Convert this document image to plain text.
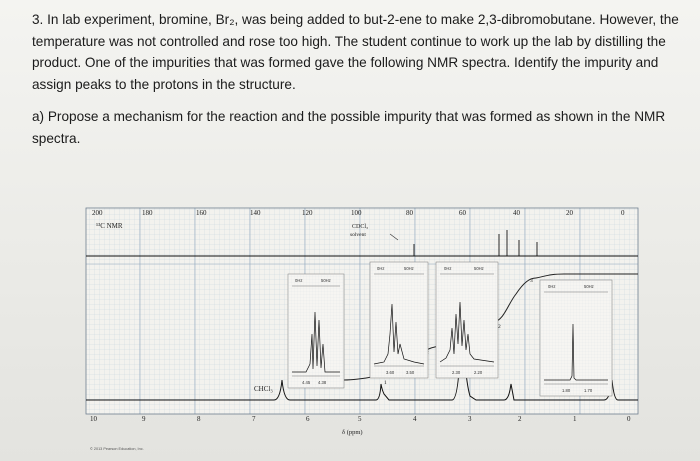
3. In lab experiment, bromine, Br₂, was being added to but-2-ene to make 2,3-dibromobutane. However, the temperature was not controlled and rose too high. The student continue to work up the lab by distilling the product. One of the impurities that was formed gave the following NMR spectra. Identify the impurity and assign peaks to the protons in the structure.

a) Propose a mechanism for the reaction and the possible impurity that was formed as shown in the NMR spectra.

200	180	160	140	120	100	80	60	40	20	0
¹³C NMR	CDCl₃
solvent
1
2
3
CHCl₃
0Hz	50Hz
4.45 4.38
0Hz	50Hz
3.60	3.50
0Hz	50Hz
2.30	2.20
0Hz	50Hz
1.80	1.70
10	9	8	7	6	5	4	3	2	1	0
δ (ppm)
© 2013 Pearson Education, Inc.
